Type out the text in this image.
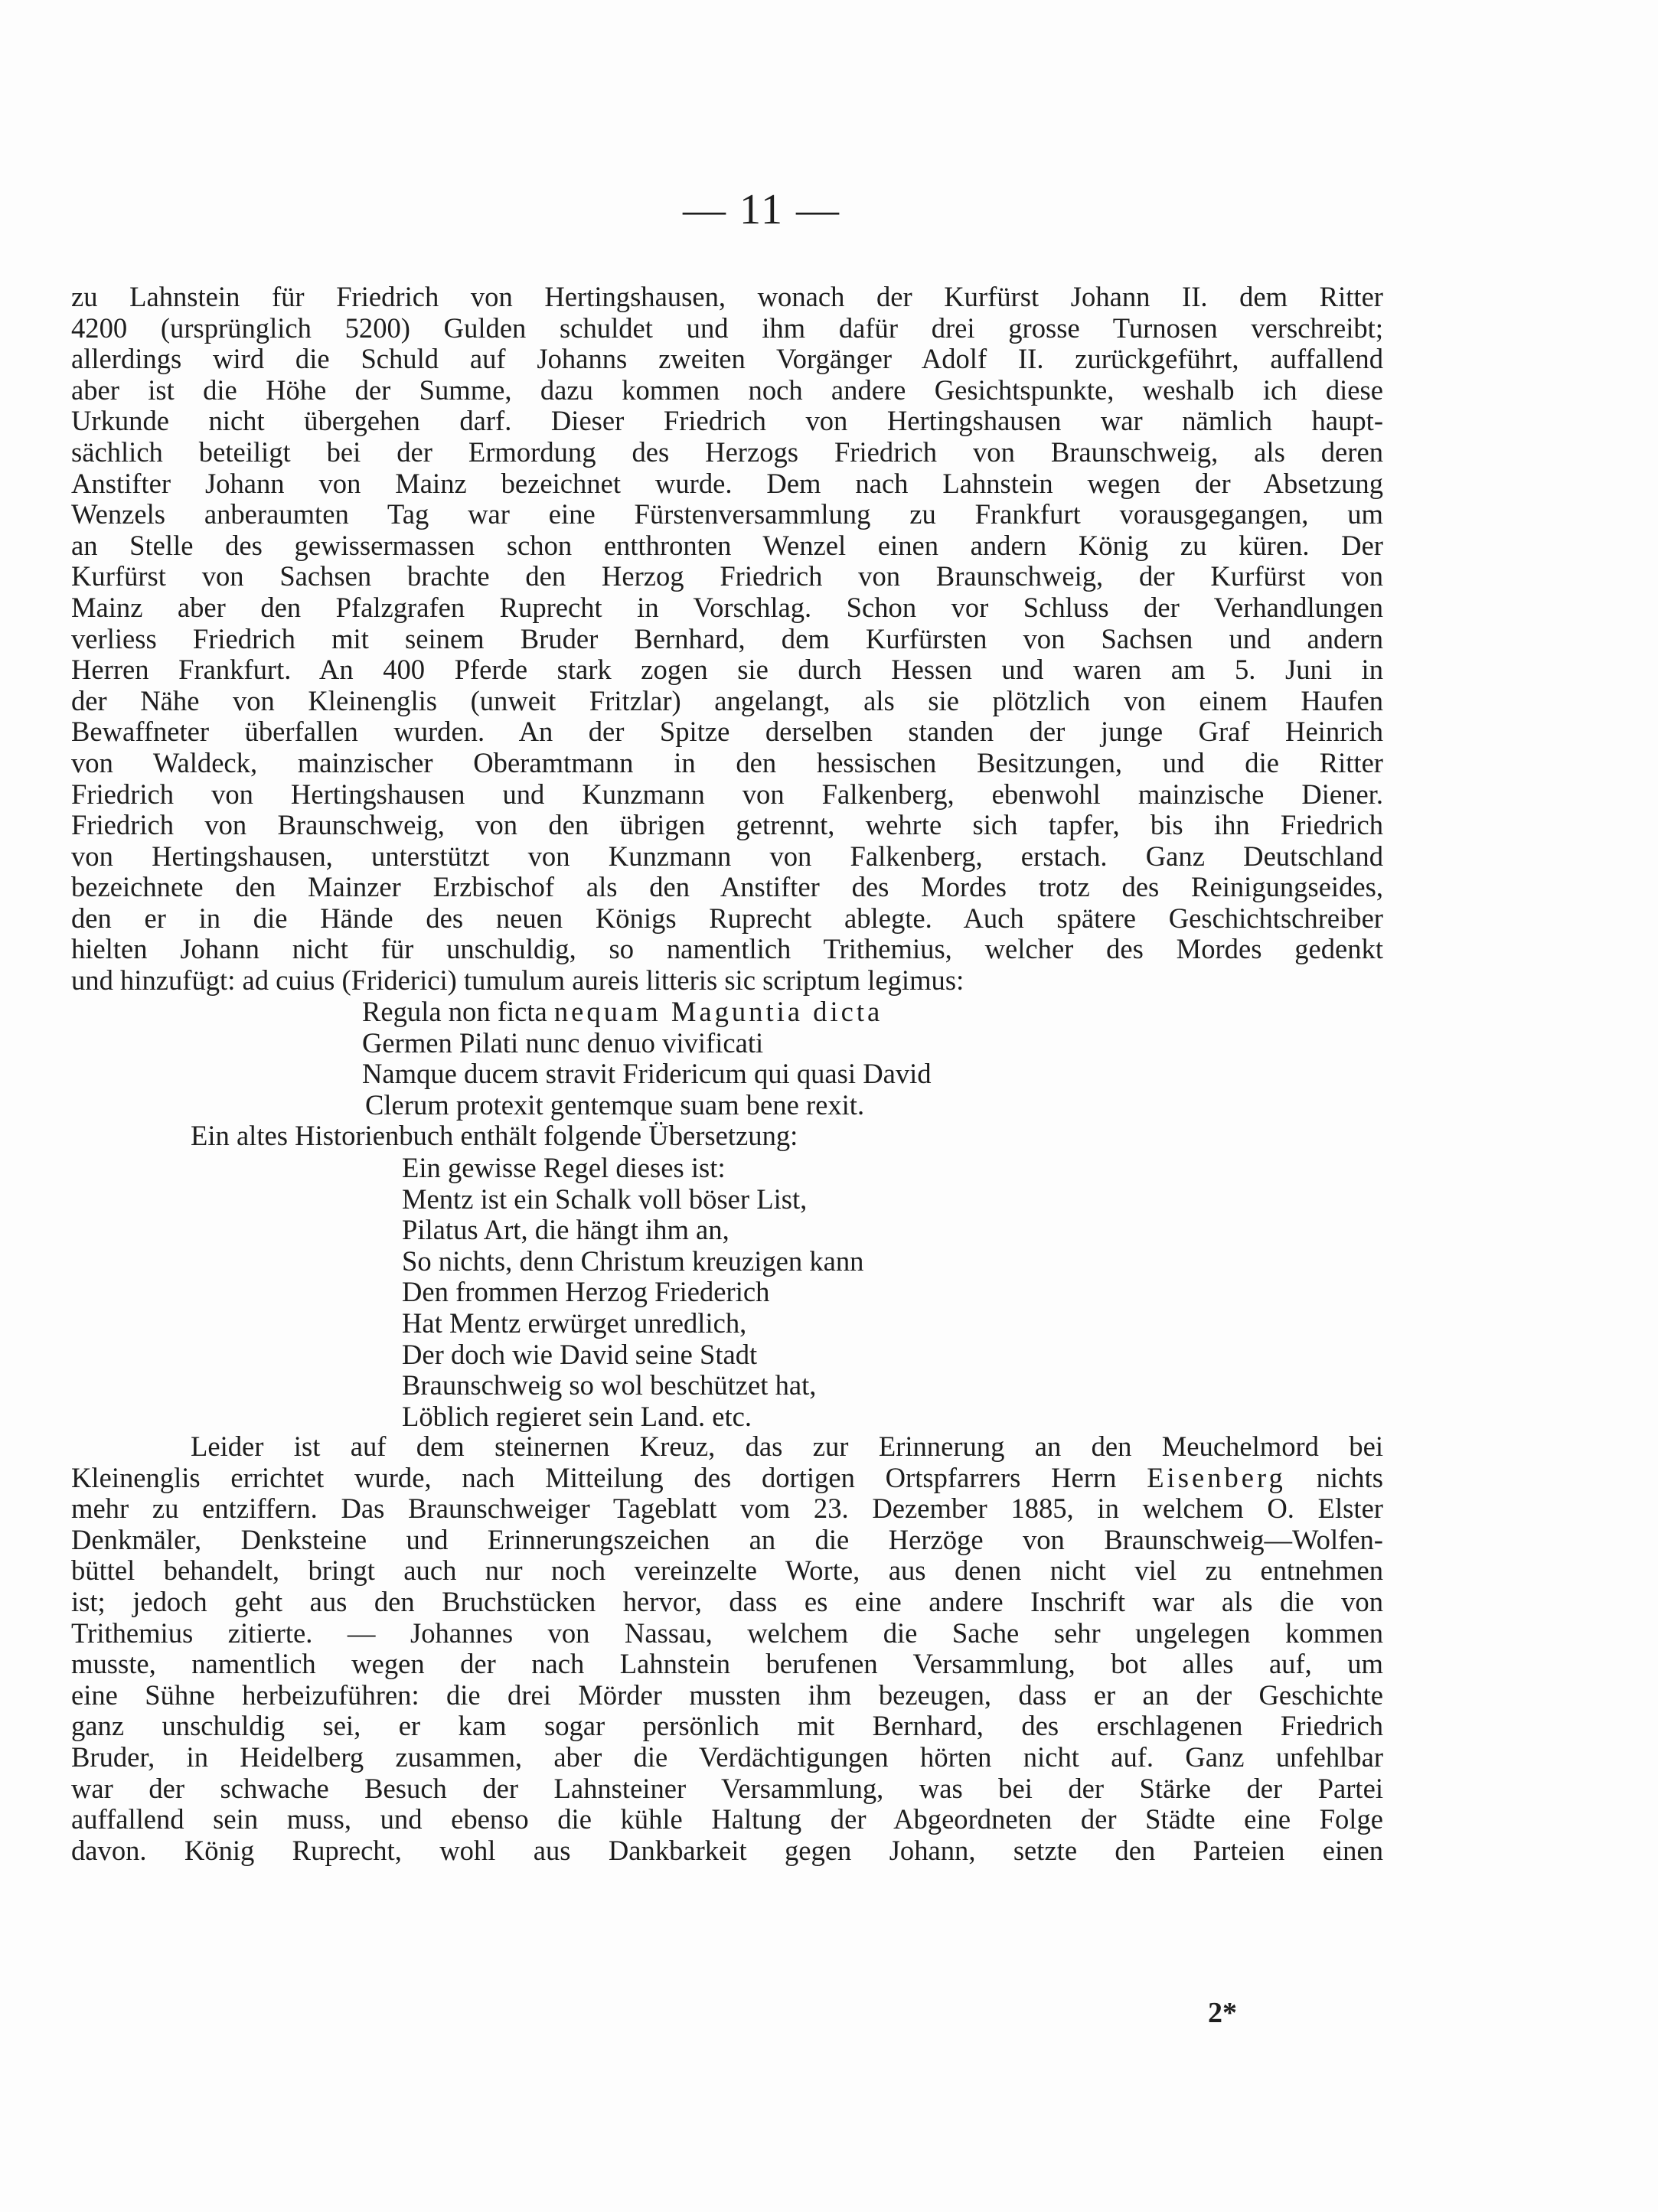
— 11 —
zu Lahnstein für Friedrich von Hertingshausen, wonach der Kurfürst Johann II. dem Ritter
4200 (ursprünglich 5200) Gulden schuldet und ihm dafür drei grosse Turnosen verschreibt;
allerdings wird die Schuld auf Johanns zweiten Vorgänger Adolf II. zurückgeführt, auffallend
aber ist die Höhe der Summe, dazu kommen noch andere Gesichtspunkte, weshalb ich diese
Urkunde nicht übergehen darf. Dieser Friedrich von Hertingshausen war nämlich haupt-
sächlich beteiligt bei der Ermordung des Herzogs Friedrich von Braunschweig, als deren
Anstifter Johann von Mainz bezeichnet wurde. Dem nach Lahnstein wegen der Absetzung
Wenzels anberaumten Tag war eine Fürstenversammlung zu Frankfurt vorausgegangen, um
an Stelle des gewissermassen schon entthronten Wenzel einen andern König zu küren. Der
Kurfürst von Sachsen brachte den Herzog Friedrich von Braunschweig, der Kurfürst von
Mainz aber den Pfalzgrafen Ruprecht in Vorschlag. Schon vor Schluss der Verhandlungen
verliess Friedrich mit seinem Bruder Bernhard, dem Kurfürsten von Sachsen und andern
Herren Frankfurt. An 400 Pferde stark zogen sie durch Hessen und waren am 5. Juni in
der Nähe von Kleinenglis (unweit Fritzlar) angelangt, als sie plötzlich von einem Haufen
Bewaffneter überfallen wurden. An der Spitze derselben standen der junge Graf Heinrich
von Waldeck, mainzischer Oberamtmann in den hessischen Besitzungen, und die Ritter
Friedrich von Hertingshausen und Kunzmann von Falkenberg, ebenwohl mainzische Diener.
Friedrich von Braunschweig, von den übrigen getrennt, wehrte sich tapfer, bis ihn Friedrich
von Hertingshausen, unterstützt von Kunzmann von Falkenberg, erstach. Ganz Deutschland
bezeichnete den Mainzer Erzbischof als den Anstifter des Mordes trotz des Reinigungseides,
den er in die Hände des neuen Königs Ruprecht ablegte. Auch spätere Geschichtschreiber
hielten Johann nicht für unschuldig, so namentlich Trithemius, welcher des Mordes gedenkt
und hinzufügt: ad cuius (Friderici) tumulum aureis litteris sic scriptum legimus:
Regula non ficta nequam Maguntia dicta
Germen Pilati nunc denuo vivificati
Namque ducem stravit Fridericum qui quasi David
Clerum protexit gentemque suam bene rexit.
Ein altes Historienbuch enthält folgende Übersetzung:
Ein gewisse Regel dieses ist:
Mentz ist ein Schalk voll böser List,
Pilatus Art, die hängt ihm an,
So nichts, denn Christum kreuzigen kann
Den frommen Herzog Friederich
Hat Mentz erwürget unredlich,
Der doch wie David seine Stadt
Braunschweig so wol beschützet hat,
Löblich regieret sein Land. etc.
Leider ist auf dem steinernen Kreuz, das zur Erinnerung an den Meuchelmord bei
Kleinenglis errichtet wurde, nach Mitteilung des dortigen Ortspfarrers Herrn Eisenberg nichts
mehr zu entziffern. Das Braunschweiger Tageblatt vom 23. Dezember 1885, in welchem O. Elster
Denkmäler, Denksteine und Erinnerungszeichen an die Herzöge von Braunschweig—Wolfen-
büttel behandelt, bringt auch nur noch vereinzelte Worte, aus denen nicht viel zu entnehmen
ist; jedoch geht aus den Bruchstücken hervor, dass es eine andere Inschrift war als die von
Trithemius zitierte. — Johannes von Nassau, welchem die Sache sehr ungelegen kommen
musste, namentlich wegen der nach Lahnstein berufenen Versammlung, bot alles auf, um
eine Sühne herbeizuführen: die drei Mörder mussten ihm bezeugen, dass er an der Geschichte
ganz unschuldig sei, er kam sogar persönlich mit Bernhard, des erschlagenen Friedrich
Bruder, in Heidelberg zusammen, aber die Verdächtigungen hörten nicht auf. Ganz unfehlbar
war der schwache Besuch der Lahnsteiner Versammlung, was bei der Stärke der Partei
auffallend sein muss, und ebenso die kühle Haltung der Abgeordneten der Städte eine Folge
davon. König Ruprecht, wohl aus Dankbarkeit gegen Johann, setzte den Parteien einen
2*
